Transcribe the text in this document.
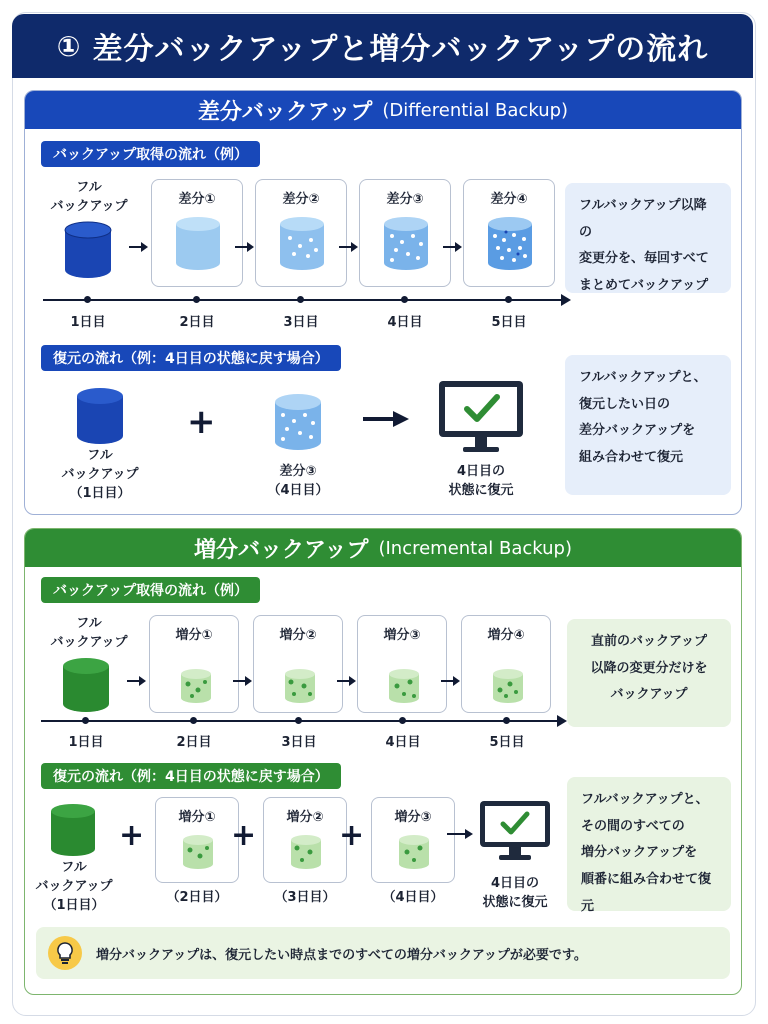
① 差分バックアップと増分バックアップの流れ
差分バックアップ (Differential Backup)
バックアップ取得の流れ（例）
フル
バックアップ	差分①	差分②	差分③	差分④
1日目	2日目	3日目	4日目	5日目
フルバックアップ以降の
変更分を、毎回すべて
まとめてバックアップ
復元の流れ（例：4日目の状態に戻す場合）
フル
バックアップ
（1日目）
+
差分③
（4日目）
4日目の
状態に復元
フルバックアップと、
復元したい日の
差分バックアップを
組み合わせて復元
増分バックアップ (Incremental Backup)
バックアップ取得の流れ（例）
フル
バックアップ	増分①	増分②	増分③	増分④
1日目	2日目	3日目	4日目	5日目
直前のバックアップ
以降の変更分だけを
バックアップ
復元の流れ（例：4日目の状態に戻す場合）
フル
バックアップ
（1日目）
+
増分①
（2日目）
+
増分②
（3日目）
+
増分③
（4日目）
4日目の
状態に復元
フルバックアップと、
その間のすべての
増分バックアップを
順番に組み合わせて復元
増分バックアップは、復元したい時点までのすべての増分バックアップが必要です。
